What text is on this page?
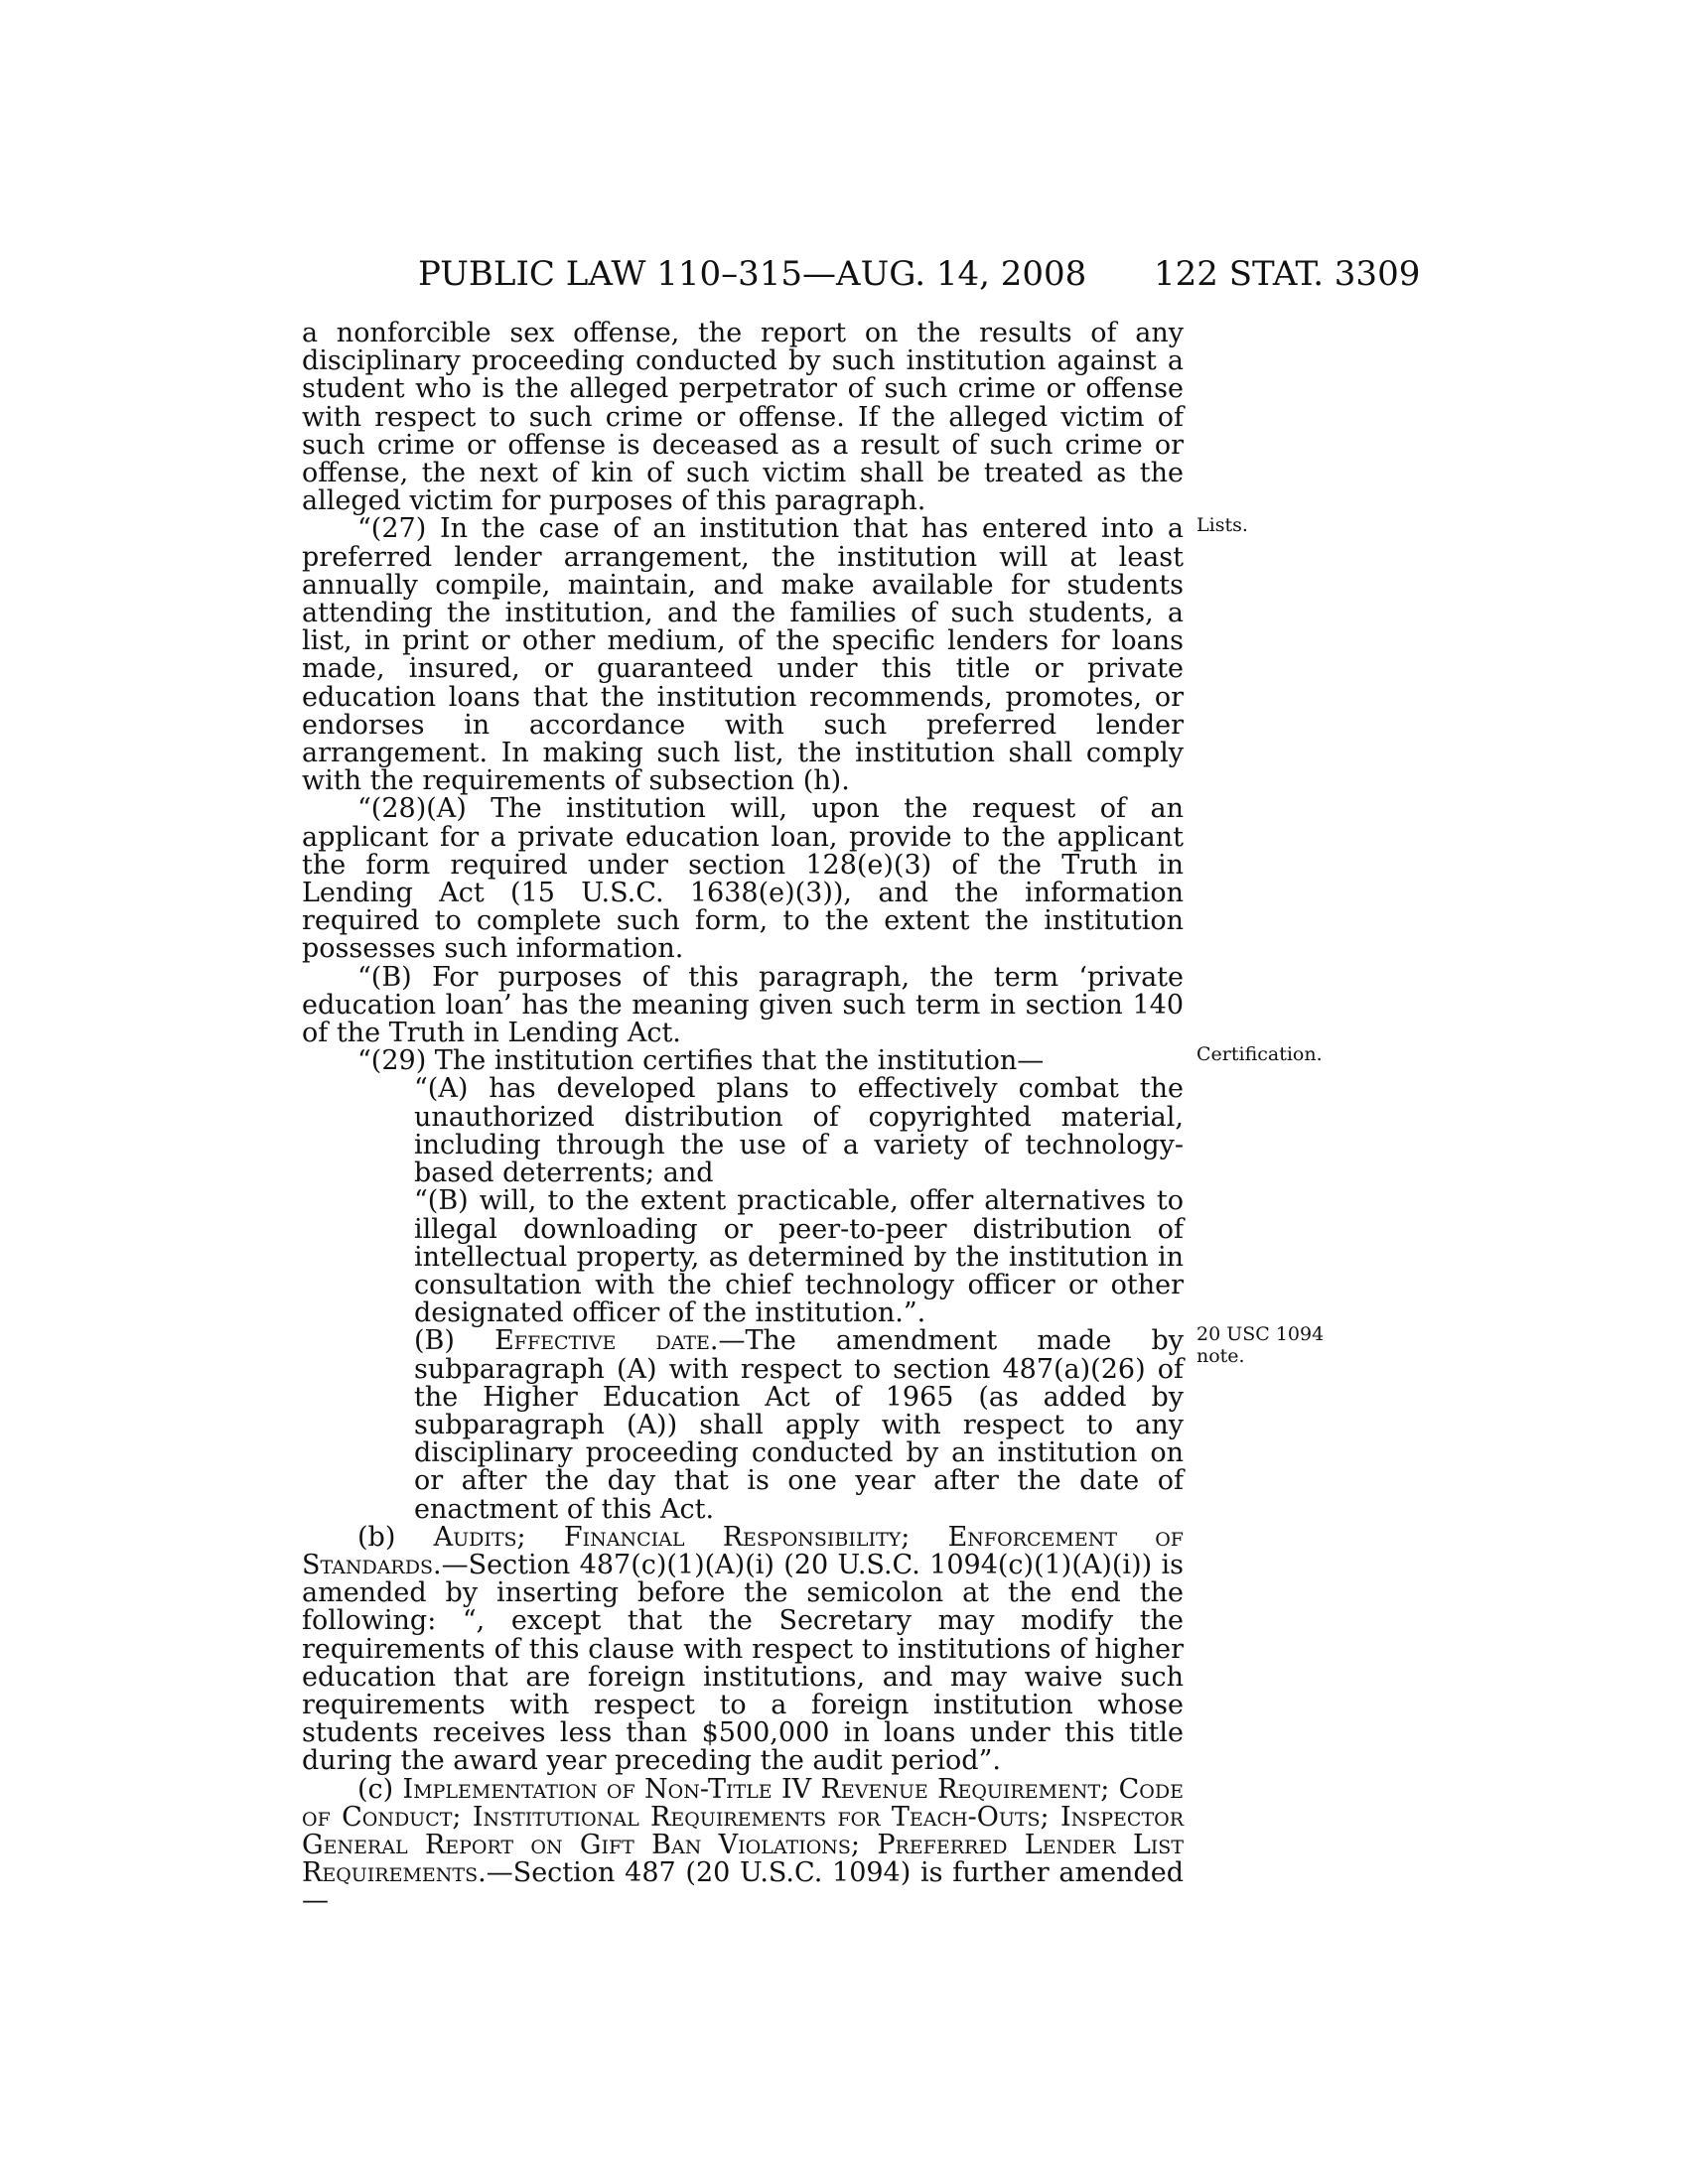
PUBLIC LAW 110–315—AUG. 14, 2008 122 STAT. 3309

a nonforcible sex offense, the report on the results of any disciplinary proceeding conducted by such institution against a student who is the alleged perpetrator of such crime or offense with respect to such crime or offense. If the alleged victim of such crime or offense is deceased as a result of such crime or offense, the next of kin of such victim shall be treated as the alleged victim for purposes of this paragraph.

“(27) In the case of an institution that has entered into a preferred lender arrangement, the institution will at least annually compile, maintain, and make available for students attending the institution, and the families of such students, a list, in print or other medium, of the specific lenders for loans made, insured, or guaranteed under this title or private education loans that the institution recommends, promotes, or endorses in accordance with such preferred lender arrangement. In making such list, the institution shall comply with the requirements of subsection (h).

“(28)(A) The institution will, upon the request of an applicant for a private education loan, provide to the applicant the form required under section 128(e)(3) of the Truth in Lending Act (15 U.S.C. 1638(e)(3)), and the information required to complete such form, to the extent the institution possesses such information.

“(B) For purposes of this paragraph, the term ‘private education loan’ has the meaning given such term in section 140 of the Truth in Lending Act.

“(29) The institution certifies that the institution—

“(A) has developed plans to effectively combat the unauthorized distribution of copyrighted material, including through the use of a variety of technology-based deterrents; and

“(B) will, to the extent practicable, offer alternatives to illegal downloading or peer-to-peer distribution of intellectual property, as determined by the institution in consultation with the chief technology officer or other designated officer of the institution.”.

(B) Effective date.—The amendment made by subparagraph (A) with respect to section 487(a)(26) of the Higher Education Act of 1965 (as added by subparagraph (A)) shall apply with respect to any disciplinary proceeding conducted by an institution on or after the day that is one year after the date of enactment of this Act.

(b) Audits; Financial Responsibility; Enforcement of Standards.—Section 487(c)(1)(A)(i) (20 U.S.C. 1094(c)(1)(A)(i)) is amended by inserting before the semicolon at the end the following: “, except that the Secretary may modify the requirements of this clause with respect to institutions of higher education that are foreign institutions, and may waive such requirements with respect to a foreign institution whose students receives less than $500,000 in loans under this title during the award year preceding the audit period”.

(c) Implementation of Non-Title IV Revenue Requirement; Code of Conduct; Institutional Requirements for Teach-Outs; Inspector General Report on Gift Ban Violations; Preferred Lender List Requirements.—Section 487 (20 U.S.C. 1094) is further amended—

Lists.
Certification.
20 USC 1094
note.
